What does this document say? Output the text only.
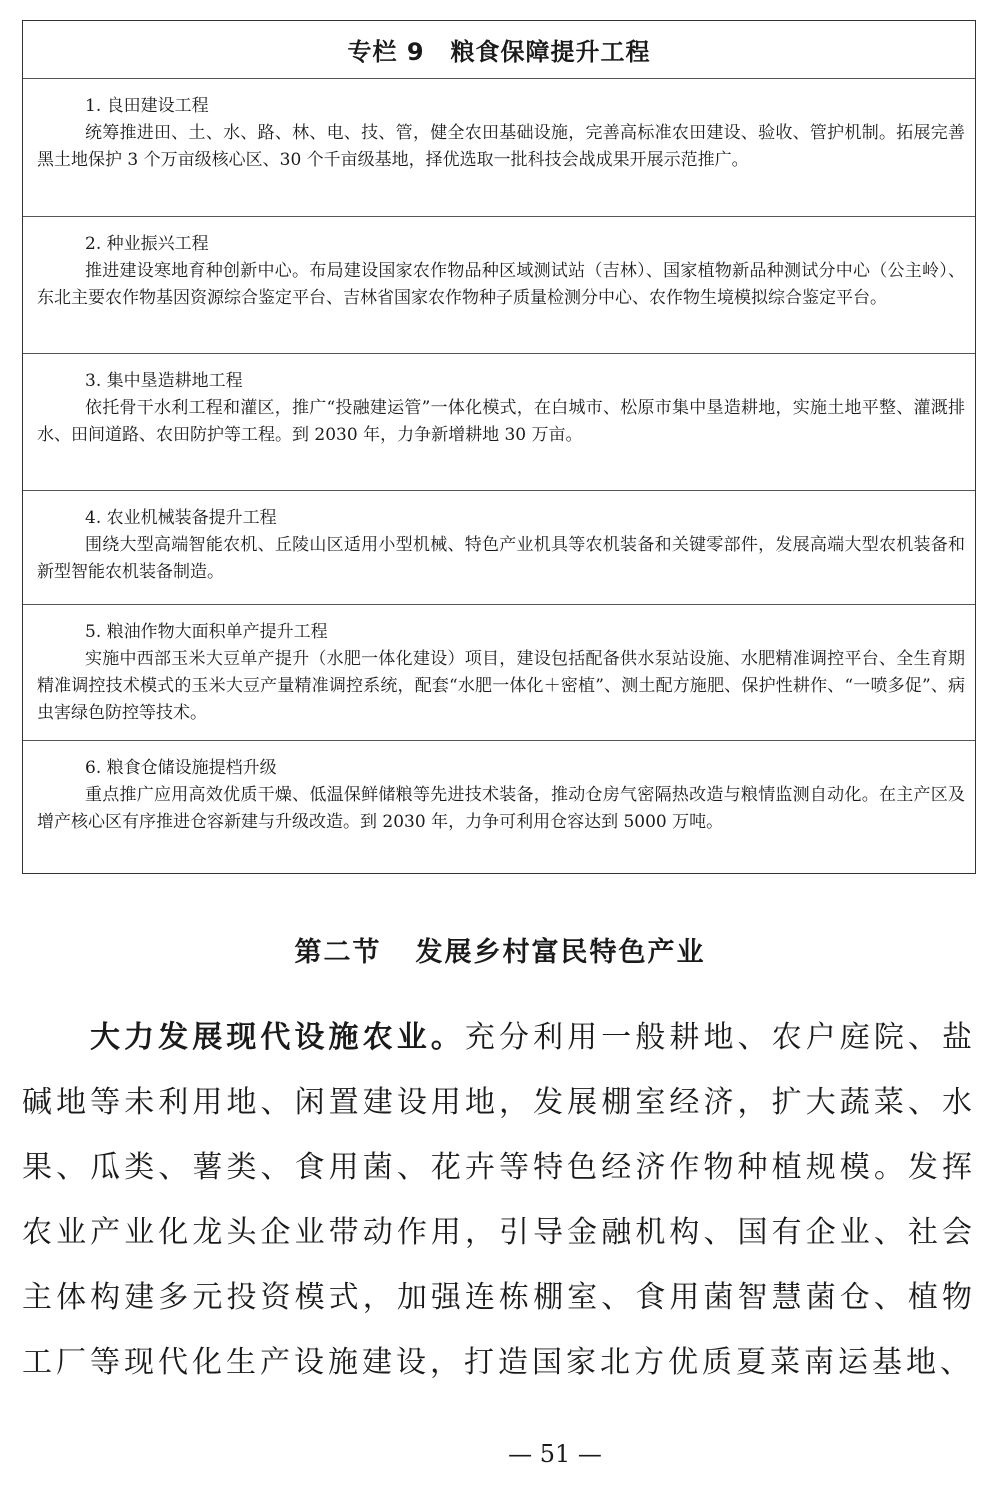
专栏 9 粮食保障提升工程
1. 良田建设工程

统筹推进田、土、水、路、林、电、技、管，健全农田基础设施，完善高标准农田建设、验收、管护机制。拓展完善黑土地保护 3 个万亩级核心区、30 个千亩级基地，择优选取一批科技会战成果开展示范推广。

2. 种业振兴工程

推进建设寒地育种创新中心。布局建设国家农作物品种区域测试站（吉林）、国家植物新品种测试分中心（公主岭）、东北主要农作物基因资源综合鉴定平台、吉林省国家农作物种子质量检测分中心、农作物生境模拟综合鉴定平台。

3. 集中垦造耕地工程

依托骨干水利工程和灌区，推广“投融建运管”一体化模式，在白城市、松原市集中垦造耕地，实施土地平整、灌溉排水、田间道路、农田防护等工程。到 2030 年，力争新增耕地 30 万亩。

4. 农业机械装备提升工程

围绕大型高端智能农机、丘陵山区适用小型机械、特色产业机具等农机装备和关键零部件，发展高端大型农机装备和新型智能农机装备制造。

5. 粮油作物大面积单产提升工程

实施中西部玉米大豆单产提升（水肥一体化建设）项目，建设包括配备供水泵站设施、水肥精准调控平台、全生育期精准调控技术模式的玉米大豆产量精准调控系统，配套“水肥一体化＋密植”、测土配方施肥、保护性耕作、“一喷多促”、病虫害绿色防控等技术。

6. 粮食仓储设施提档升级

重点推广应用高效优质干燥、低温保鲜储粮等先进技术装备，推动仓房气密隔热改造与粮情监测自动化。在主产区及增产核心区有序推进仓容新建与升级改造。到 2030 年，力争可利用仓容达到 5000 万吨。

第二节 发展乡村富民特色产业

大力发展现代设施农业。充分利用一般耕地、农户庭院、盐碱地等未利用地、闲置建设用地，发展棚室经济，扩大蔬菜、水果、瓜类、薯类、食用菌、花卉等特色经济作物种植规模。发挥农业产业化龙头企业带动作用，引导金融机构、国有企业、社会主体构建多元投资模式，加强连栋棚室、食用菌智慧菌仓、植物工厂等现代化生产设施建设，打造国家北方优质夏菜南运基地、

— 51 —
